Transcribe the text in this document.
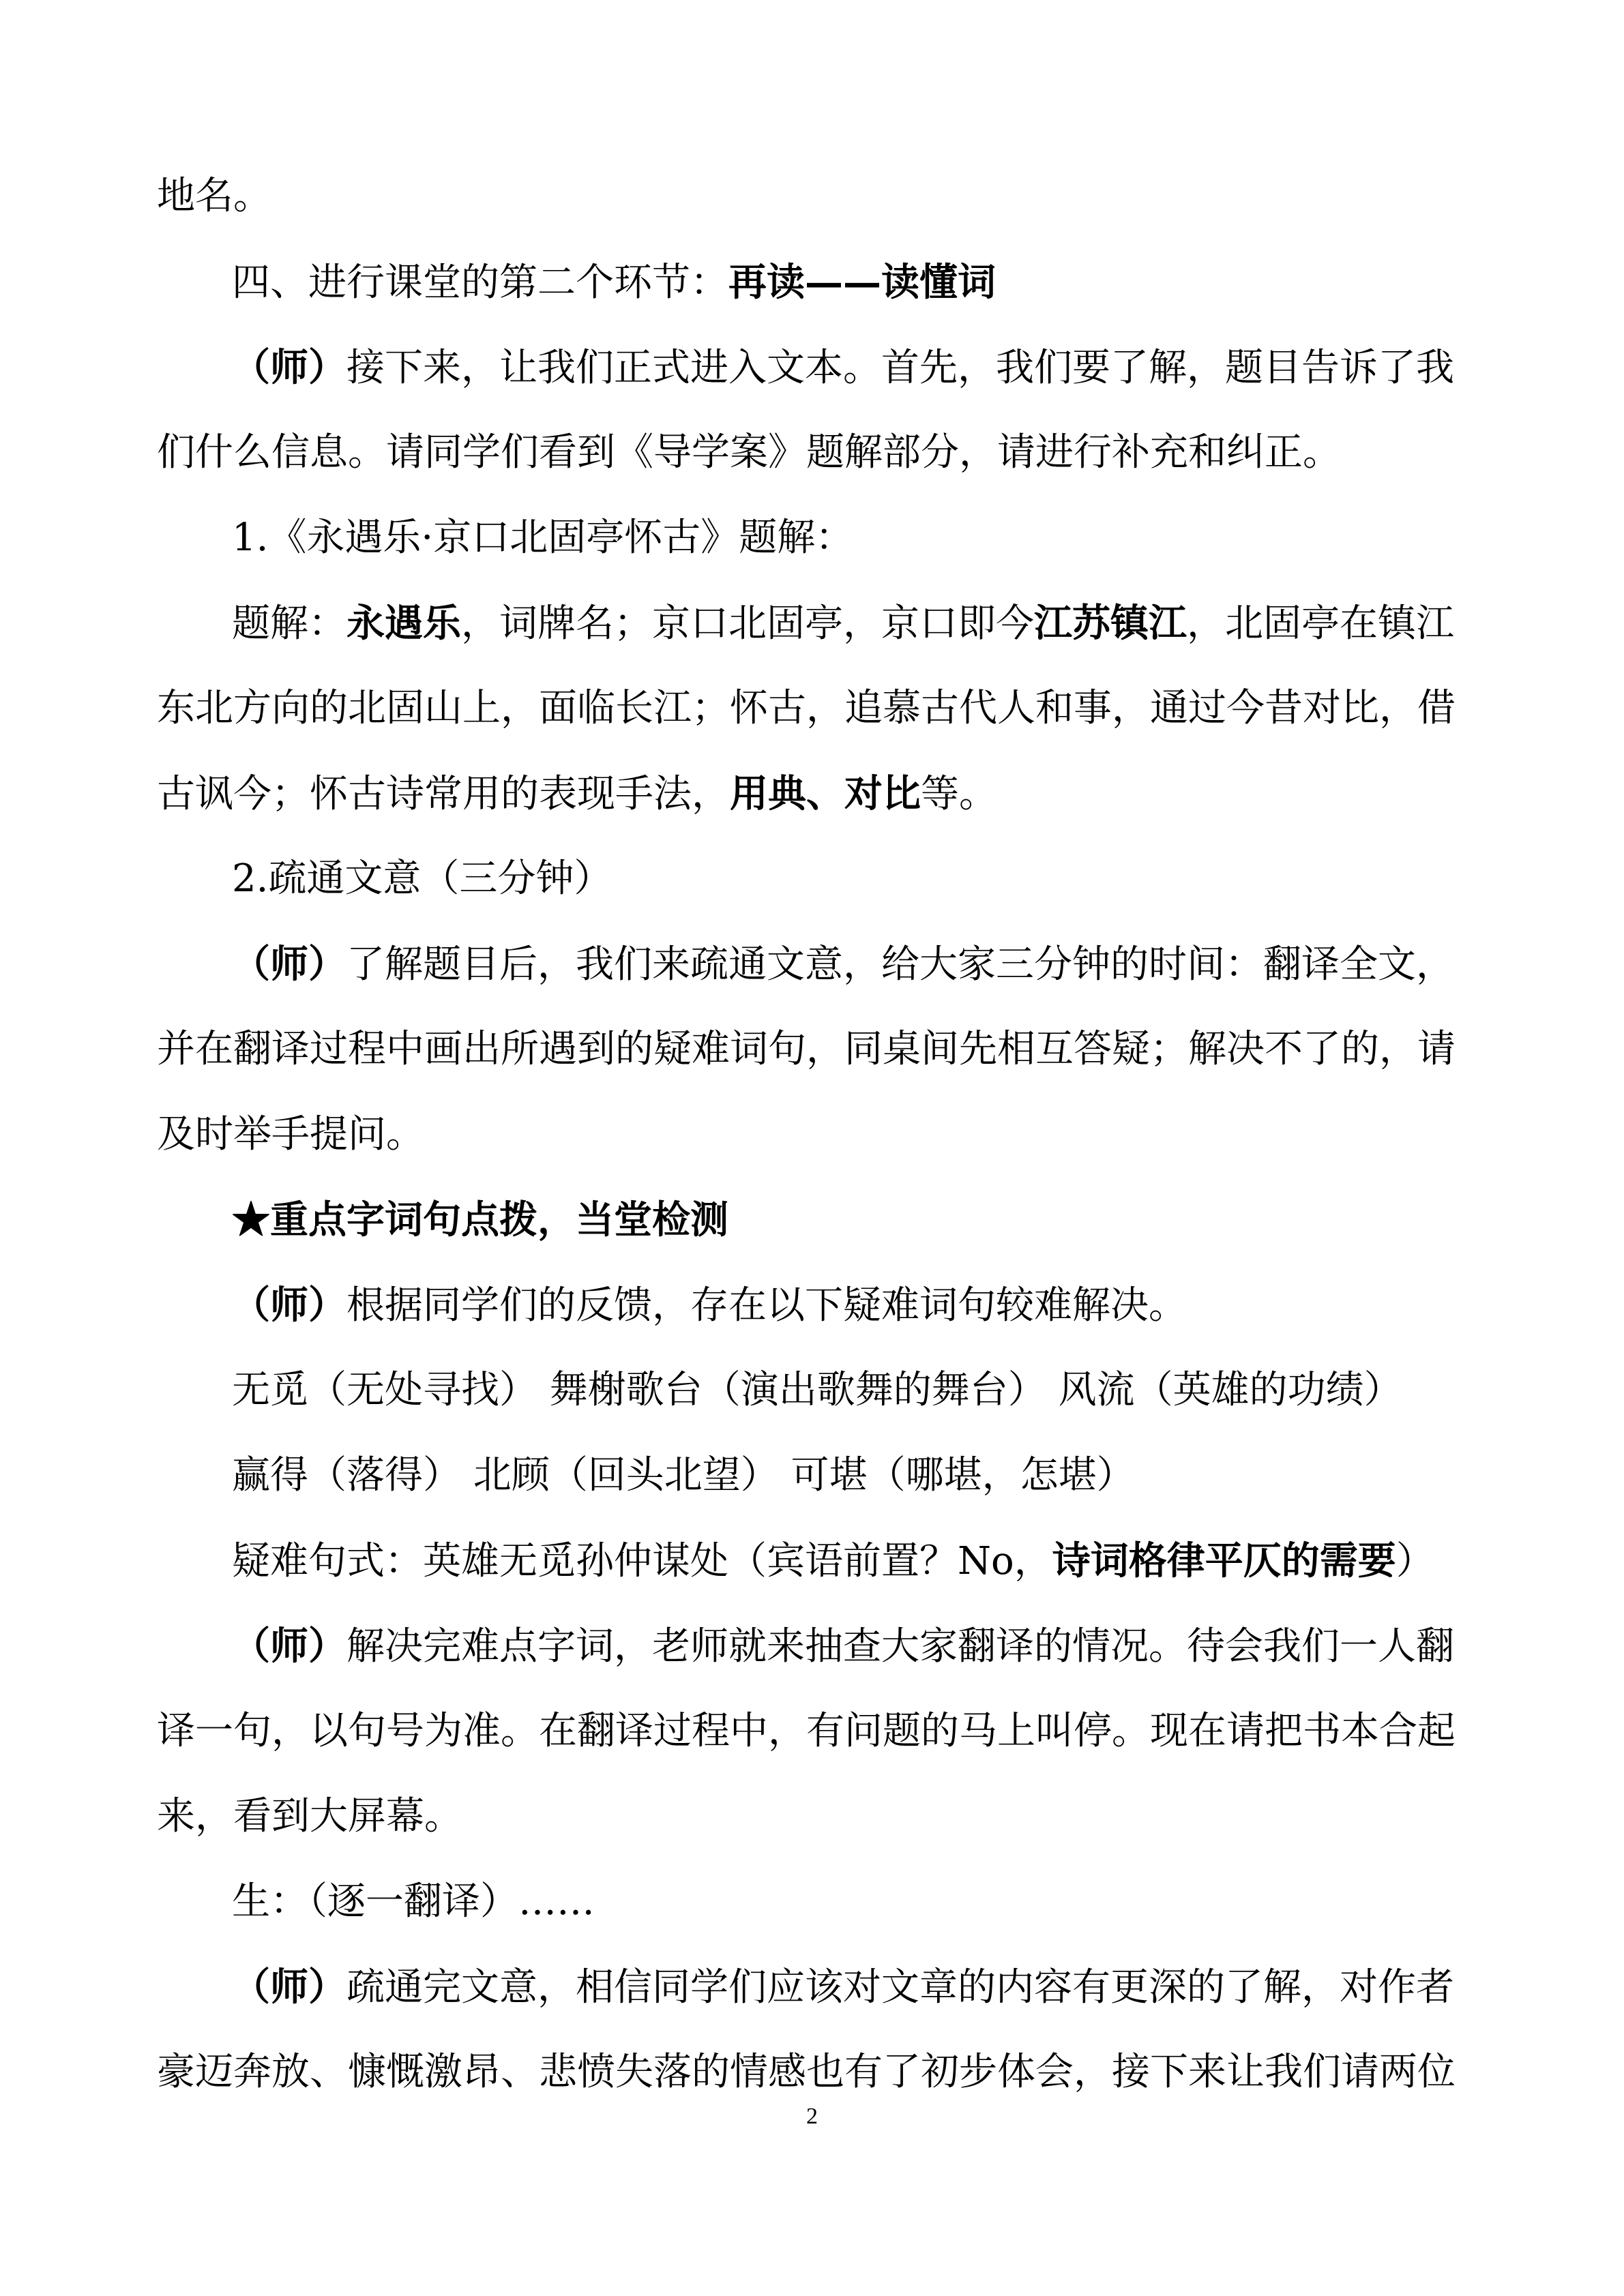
地名。
四、进行课堂的第二个环节：再读——读懂词
（师）接下来，让我们正式进入文本。首先，我们要了解，题目告诉了我
们什么信息。请同学们看到《导学案》题解部分，请进行补充和纠正。
1.《永遇乐·京口北固亭怀古》题解：
题解：永遇乐，词牌名；京口北固亭，京口即今江苏镇江，北固亭在镇江
东北方向的北固山上，面临长江；怀古，追慕古代人和事，通过今昔对比，借
古讽今；怀古诗常用的表现手法，用典、对比等。
2.疏通文意（三分钟）
（师）了解题目后，我们来疏通文意，给大家三分钟的时间：翻译全文，
并在翻译过程中画出所遇到的疑难词句，同桌间先相互答疑；解决不了的，请
及时举手提问。
★重点字词句点拨，当堂检测
（师）根据同学们的反馈，存在以下疑难词句较难解决。
无觅（无处寻找） 舞榭歌台（演出歌舞的舞台） 风流（英雄的功绩）
赢得（落得） 北顾（回头北望） 可堪（哪堪，怎堪）
疑难句式：英雄无觅孙仲谋处（宾语前置？No，诗词格律平仄的需要）
（师）解决完难点字词，老师就来抽查大家翻译的情况。待会我们一人翻
译一句，以句号为准。在翻译过程中，有问题的马上叫停。现在请把书本合起
来，看到大屏幕。
生：（逐一翻译）……
（师）疏通完文意，相信同学们应该对文章的内容有更深的了解，对作者
豪迈奔放、慷慨激昂、悲愤失落的情感也有了初步体会，接下来让我们请两位
2
